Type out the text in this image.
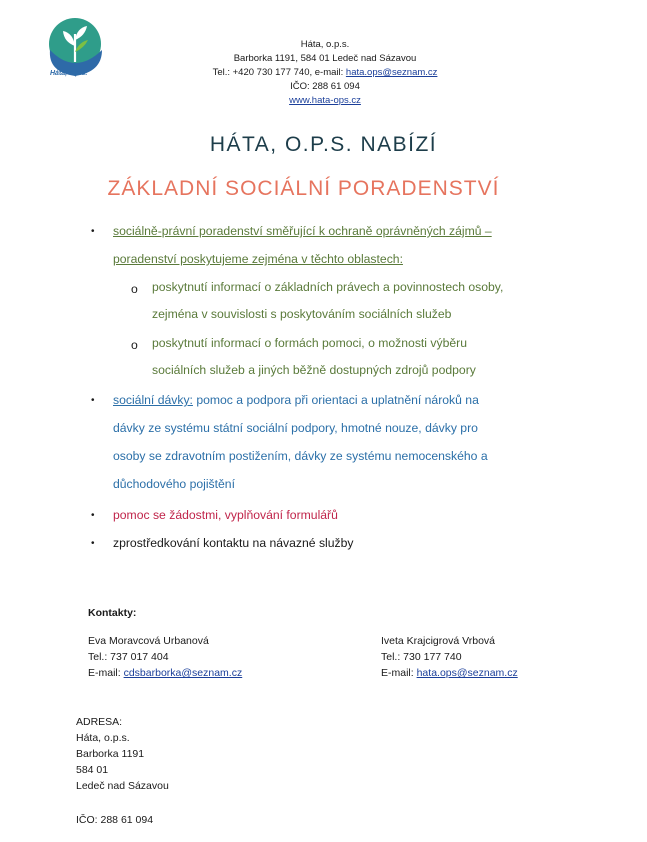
Háta, o.p.s.
Háta, o.p.s.
Barborka 1191, 584 01 Ledeč nad Sázavou
Tel.: +420 730 177 740, e-mail: hata.ops@seznam.cz
IČO: 288 61 094
www.hata-ops.cz
HÁTA, O.P.S. NABÍZÍ
ZÁKLADNÍ SOCIÁLNÍ PORADENSTVÍ
• sociálně-právní poradenství směřující k ochraně oprávněných zájmů –
poradenství poskytujeme zejména v těchto oblastech:
o poskytnutí informací o základních právech a povinnostech osoby,
zejména v souvislosti s poskytováním sociálních služeb
o poskytnutí informací o formách pomoci, o možnosti výběru
sociálních služeb a jiných běžně dostupných zdrojů podpory
• sociální dávky: pomoc a podpora při orientaci a uplatnění nároků na
dávky ze systému státní sociální podpory, hmotné nouze, dávky pro
osoby se zdravotním postižením, dávky ze systému nemocenského a
důchodového pojištění
• pomoc se žádostmi, vyplňování formulářů
• zprostředkování kontaktu na návazné služby
Kontakty:
Eva Moravcová Urbanová
Tel.: 737 017 404
E-mail: cdsbarborka@seznam.cz
Iveta Krajcigrová Vrbová
Tel.: 730 177 740
E-mail: hata.ops@seznam.cz
ADRESA:
Háta, o.p.s.
Barborka 1191
584 01
Ledeč nad Sázavou
IČO: 288 61 094
